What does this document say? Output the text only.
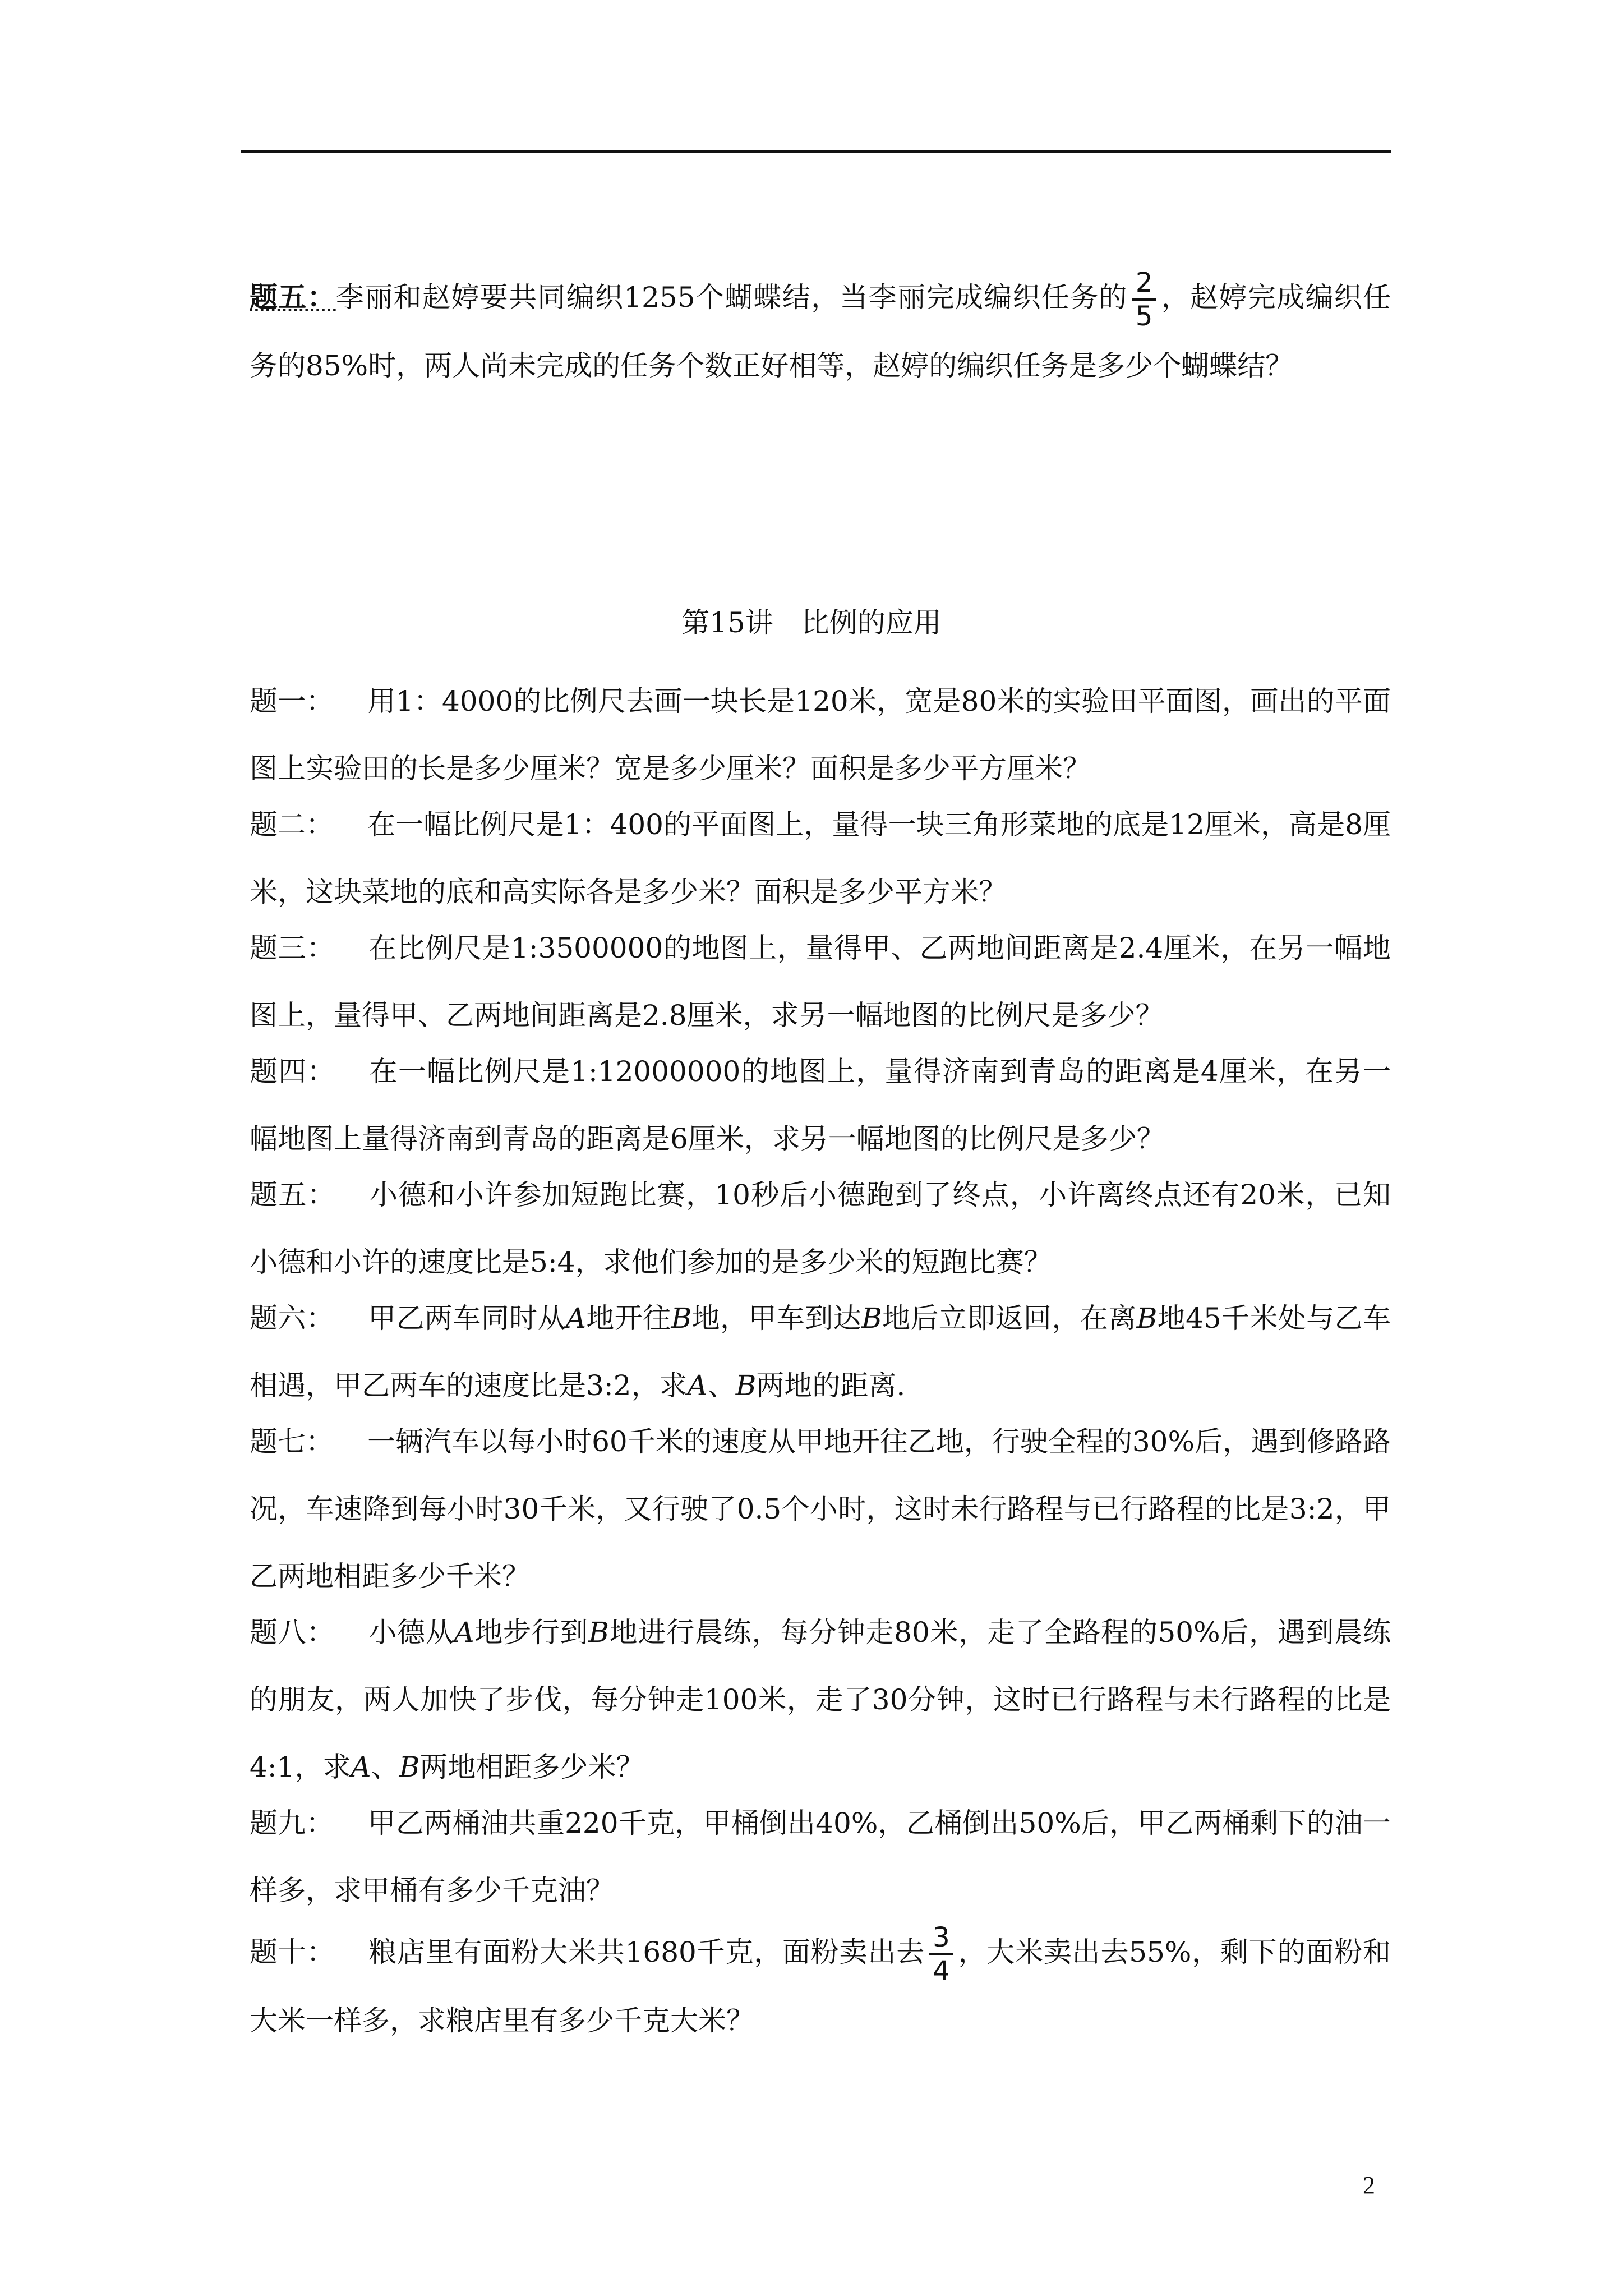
题五：李丽和赵婷要共同编织1255个蝴蝶结，当李丽完成编织任务的 $\frac{2}{5}$ ，赵婷完成编织任务的85%时，两人尚未完成的任务个数正好相等，赵婷的编织任务是多少个蝴蝶结？
第15讲　比例的应用
题一： 用1：4000的比例尺去画一块长是120米，宽是80米的实验田平面图，画出的平面图上实验田的长是多少厘米？宽是多少厘米？面积是多少平方厘米？
题二： 在一幅比例尺是1：400的平面图上，量得一块三角形菜地的底是12厘米，高是8厘米，这块菜地的底和高实际各是多少米？面积是多少平方米？
题三： 在比例尺是1:3500000的地图上，量得甲、乙两地间距离是2.4厘米，在另一幅地图上，量得甲、乙两地间距离是2.8厘米，求另一幅地图的比例尺是多少？
题四： 在一幅比例尺是1:12000000的地图上，量得济南到青岛的距离是4厘米，在另一幅地图上量得济南到青岛的距离是6厘米，求另一幅地图的比例尺是多少？
题五： 小德和小许参加短跑比赛，10秒后小德跑到了终点，小许离终点还有20米，已知小德和小许的速度比是5:4，求他们参加的是多少米的短跑比赛？
题六： 甲乙两车同时从A地开往B地，甲车到达B地后立即返回，在离B地45千米处与乙车相遇，甲乙两车的速度比是3:2，求A、B两地的距离.
题七： 一辆汽车以每小时60千米的速度从甲地开往乙地，行驶全程的30%后，遇到修路路况，车速降到每小时30千米，又行驶了0.5个小时，这时未行路程与已行路程的比是3:2，甲乙两地相距多少千米？
题八： 小德从A地步行到B地进行晨练，每分钟走80米，走了全路程的50%后，遇到晨练的朋友，两人加快了步伐，每分钟走100米，走了30分钟，这时已行路程与未行路程的比是4:1，求A、B两地相距多少米？
题九： 甲乙两桶油共重220千克，甲桶倒出40%，乙桶倒出50%后，甲乙两桶剩下的油一样多，求甲桶有多少千克油？
题十： 粮店里有面粉大米共1680千克，面粉卖出去 $\frac{3}{4}$ ，大米卖出去55%，剩下的面粉和大米一样多，求粮店里有多少千克大米？
2
